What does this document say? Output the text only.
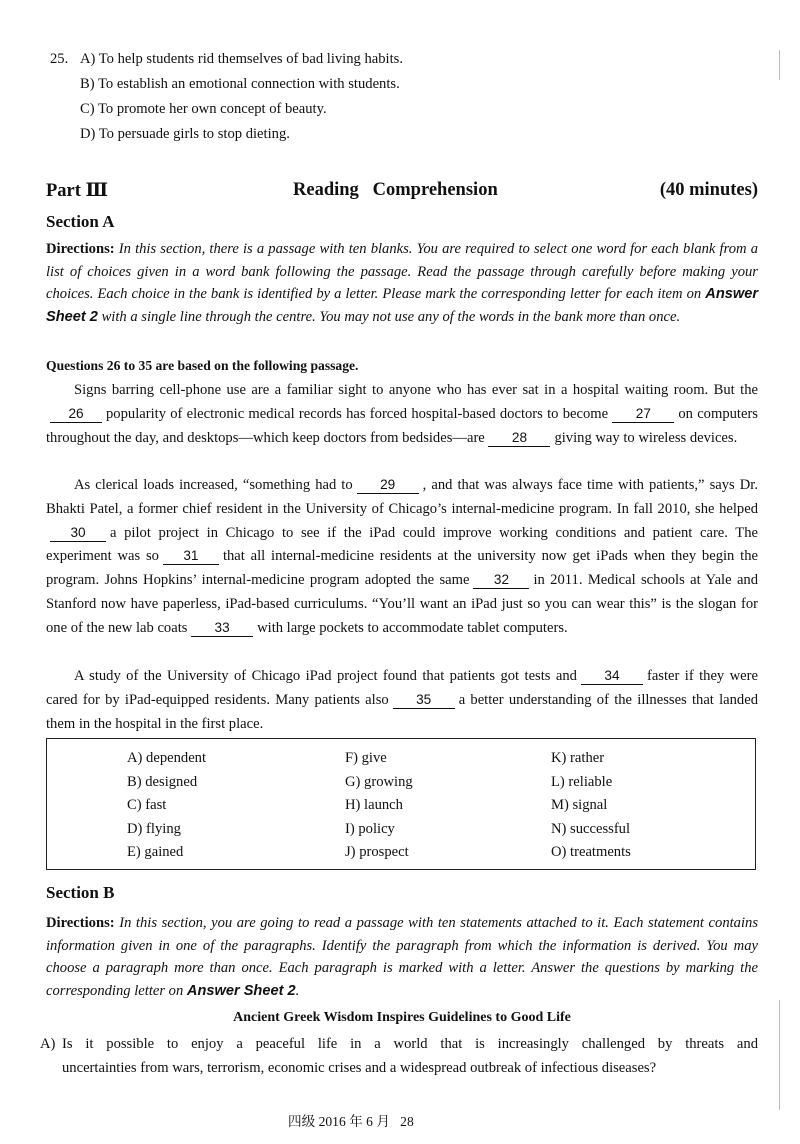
25. A) To help students rid themselves of bad living habits.
B) To establish an emotional connection with students.
C) To promote her own concept of beauty.
D) To persuade girls to stop dieting.
Part Ⅲ	Reading   Comprehension	(40 minutes)
Section A
Directions: In this section, there is a passage with ten blanks. You are required to select one word for each blank from a list of choices given in a word bank following the passage. Read the passage through carefully before making your choices. Each choice in the bank is identified by a letter. Please mark the corresponding letter for each item on Answer Sheet 2 with a single line through the centre. You may not use any of the words in the bank more than once.
Questions 26 to 35 are based on the following passage.
Signs barring cell-phone use are a familiar sight to anyone who has ever sat in a hospital waiting room. But the26 popularity of electronic medical records has forced hospital-based doctors to become 27 on computers throughout the day, and desktops—which keep doctors from bedsides—are 28 giving way to wireless devices.
As clerical loads increased, “something had to 29 , and that was always face time with patients,” says Dr. Bhakti Patel, a former chief resident in the University of Chicago’s internal-medicine program. In fall 2010, she helped30 a pilot project in Chicago to see if the iPad could improve working conditions and patient care. The experiment was so 31 that all internal-medicine residents at the university now get iPads when they begin the program. Johns Hopkins’ internal-medicine program adopted the same 32 in 2011. Medical schools at Yale and Stanford now have paperless, iPad-based curriculums. “You’ll want an iPad just so you can wear this” is the slogan for one of the new lab coats 33 with large pockets to accommodate tablet computers.
A study of the University of Chicago iPad project found that patients got tests and 34 faster if they were cared for by iPad-equipped residents. Many patients also 35 a better understanding of the illnesses that landed them in the hospital in the first place.
A) dependent
B) designed
C) fast
D) flying
E) gained
F) give
G) growing
H) launch
I) policy
J) prospect
K) rather
L) reliable
M) signal
N) successful
O) treatments
Section B
Directions: In this section, you are going to read a passage with ten statements attached to it. Each statement contains information given in one of the paragraphs. Identify the paragraph from which the information is derived. You may choose a paragraph more than once. Each paragraph is marked with a letter. Answer the questions by marking the corresponding letter on Answer Sheet 2.
Ancient Greek Wisdom Inspires Guidelines to Good Life
A) Is it possible to enjoy a peaceful life in a world that is increasingly challenged by threats and
uncertainties from wars, terrorism, economic crises and a widespread outbreak of infectious diseases?
四级 2016 年 6 月   28
